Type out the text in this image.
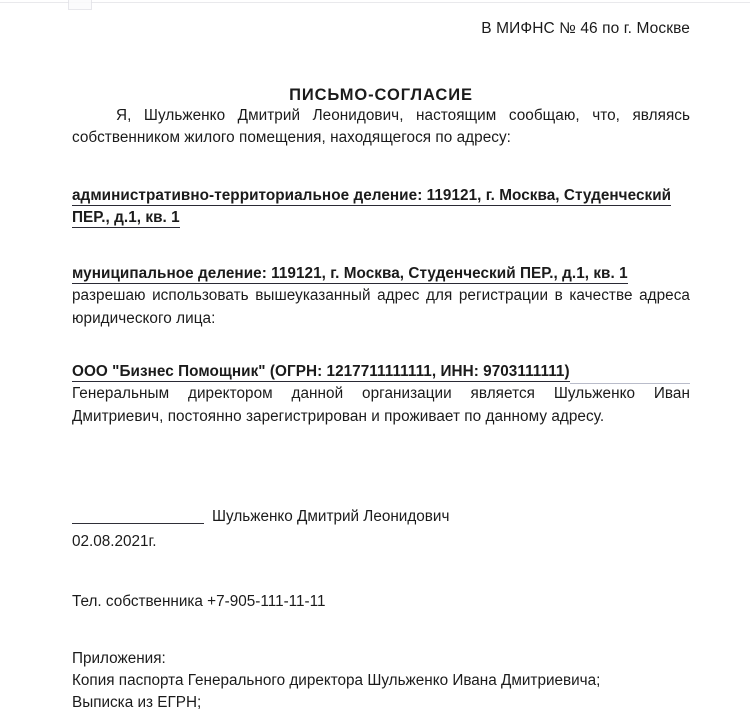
В МИФНС № 46 по г. Москве
ПИСЬМО-СОГЛАСИЕ

Я, Шульженко Дмитрий Леонидович, настоящим сообщаю, что, являясь собственником жилого помещения, находящегося по адресу:

административно-территориальное деление: 119121, г. Москва, Студенческий ПЕР., д.1, кв. 1

муниципальное деление: 119121, г. Москва, Студенческий ПЕР., д.1, кв. 1

разрешаю использовать вышеуказанный адрес для регистрации в качестве адреса юридического лица:

ООО "Бизнес Помощник" (ОГРН: 1217711111111, ИНН: 9703111111)

Генеральным директором данной организации является Шульженко Иван Дмитриевич, постоянно зарегистрирован и проживает по данному адресу.

Шульженко Дмитрий Леонидович
02.08.2021г.
Тел. собственника +7-905-111-11-11
Приложения:
Копия паспорта Генерального директора Шульженко Ивана Дмитриевича;
Выписка из ЕГРН;
